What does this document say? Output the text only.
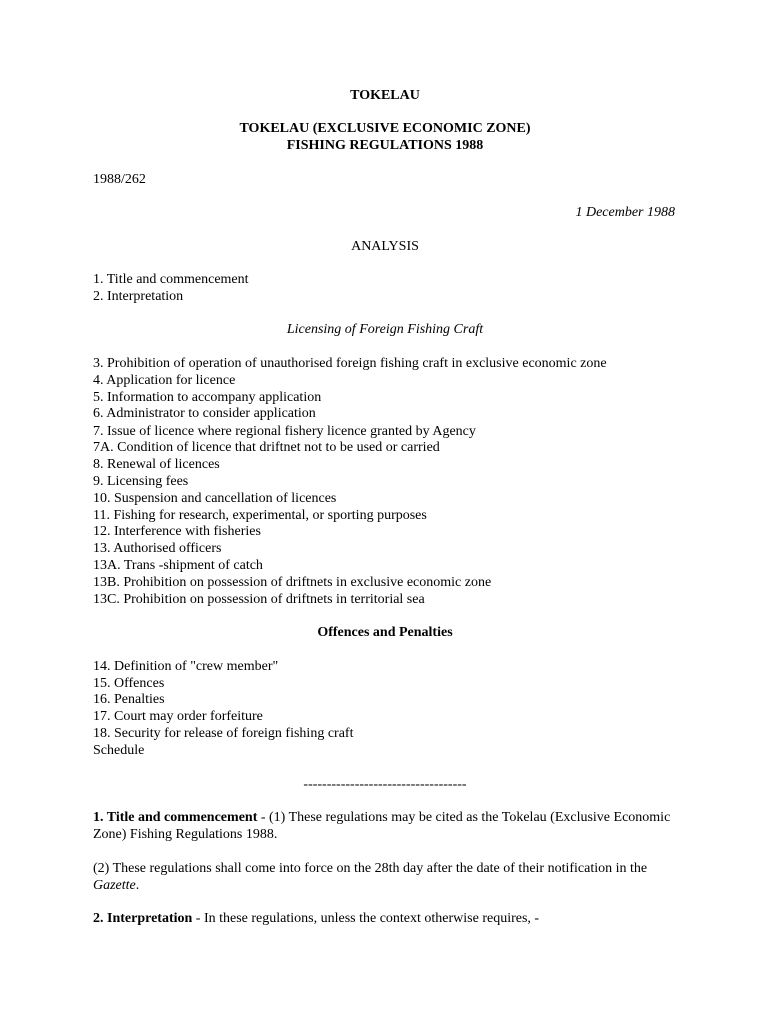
TOKELAU
TOKELAU (EXCLUSIVE ECONOMIC ZONE)
FISHING REGULATIONS 1988
1988/262
1 December 1988
ANALYSIS
1. Title and commencement
2. Interpretation
Licensing of Foreign Fishing Craft
3. Prohibition of operation of unauthorised foreign fishing craft in exclusive economic zone
4. Application for licence
5. Information to accompany application
6. Administrator to consider application
7. Issue of licence where regional fishery licence granted by Agency
7A. Condition of licence that driftnet not to be used or carried
8. Renewal of licences
9. Licensing fees
10. Suspension and cancellation of licences
11. Fishing for research, experimental, or sporting purposes
12. Interference with fisheries
13. Authorised officers
13A. Trans -shipment of catch
13B. Prohibition on possession of driftnets in exclusive economic zone
13C. Prohibition on possession of driftnets in territorial sea
Offences and Penalties
14. Definition of "crew member"
15. Offences
16. Penalties
17. Court may order forfeiture
18. Security for release of foreign fishing craft
Schedule
-----------------------------------
1. Title and commencement - (1) These regulations may be cited as the Tokelau (Exclusive Economic Zone) Fishing Regulations 1988.
(2) These regulations shall come into force on the 28th day after the date of their notification in the Gazette.
2. Interpretation - In these regulations, unless the context otherwise requires, -
